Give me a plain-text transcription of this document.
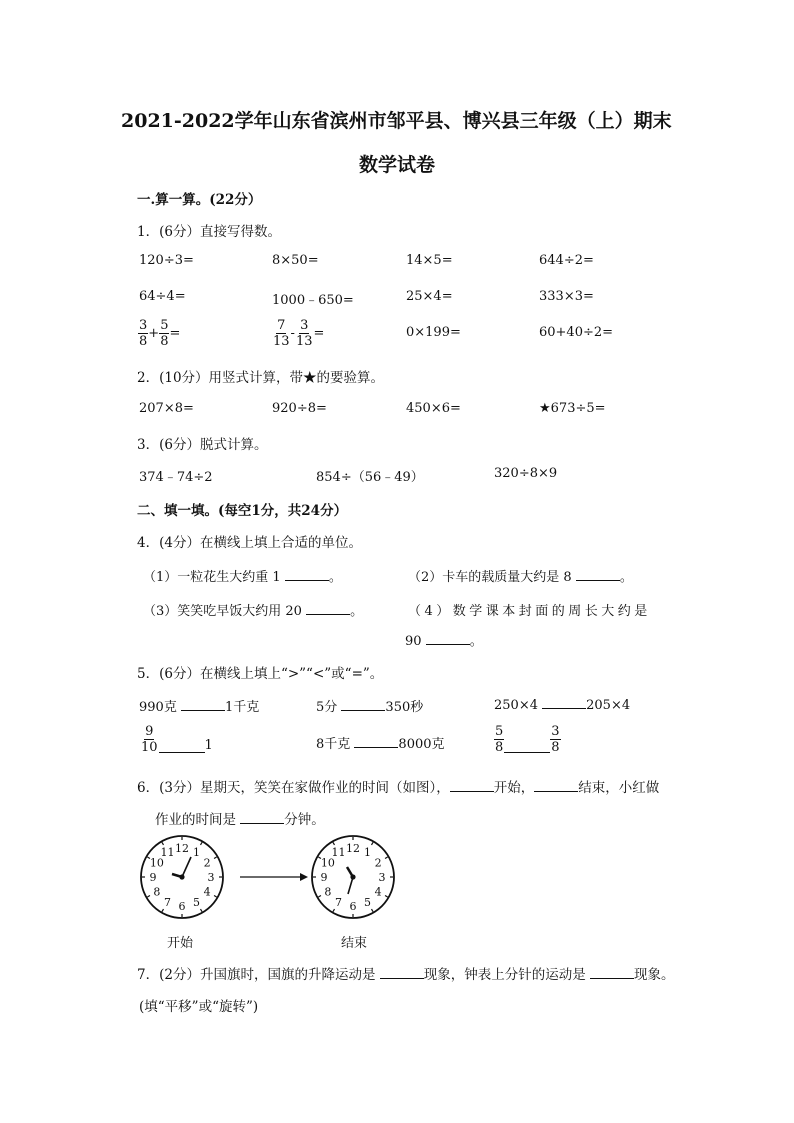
2021-2022学年山东省滨州市邹平县、博兴县三年级（上）期末
数学试卷
一.算一算。(22分）
1．(6分）直接写得数。
120÷3=	8×50=	14×5=	644÷2=
64÷4=	1000﹣650=	25×4=	333×3=
$\frac{3}{8} + \frac{5}{8}$ =	$\frac{7}{13} - \frac{3}{13}$ =	0×199=	60+40÷2=
2．(10分）用竖式计算，带★的要验算。
207×8=	920÷8=	450×6=	★673÷5=
3．(6分）脱式计算。
374﹣74÷2	854÷（56﹣49）	320÷8×9
二、填一填。(每空1分，共24分）
4．(4分）在横线上填上合适的单位。
（1）一粒花生大约重 1	。	（2）卡车的载质量大约是 8	。
（3）笑笑吃早饭大约用 20	。	（4）数学课本封面的周长大约是
90	。
5．(6分）在横线上填上“>”“<”或“=”。
990克	1千克	5分	350秒	250×4	205×4
$\frac{9}{10}$	1	8千克	8000克	$\frac{5}{8}$	$\frac{3}{8}$
6．(3分）星期天，笑笑在家做作业的时间（如图），	开始，	结束，小红做
作业的时间是	分钟。
12 1
2
3
4
5
6
7
8
9
10
11	12 1
2
3
4
5
6
7
8
9
10
11
开始	结束
7．(2分）升国旗时，国旗的升降运动是	现象，钟表上分针的运动是	现象。
(填“平移”或“旋转”)
